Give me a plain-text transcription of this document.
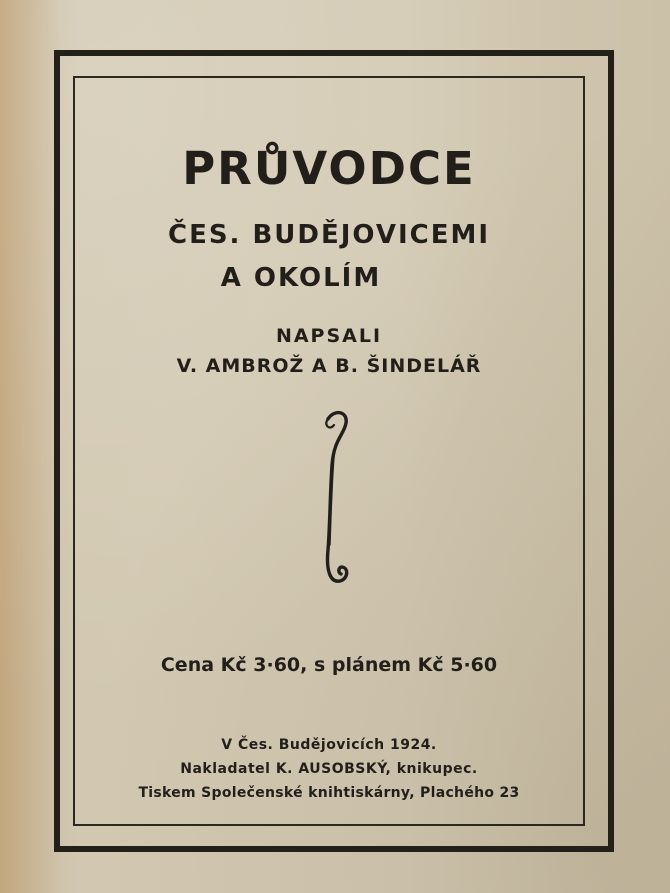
PRŮVODCE
ČES. BUDĚJOVICEMI
A OKOLÍM
NAPSALI
V. AMBROŽ A B. ŠINDELÁŘ
Cena Kč 3·60, s plánem Kč 5·60
V Čes. Budějovicích 1924.
Nakladatel K. AUSOBSKÝ, knikupec.
Tiskem Společenské knihtiskárny, Plachého 23
